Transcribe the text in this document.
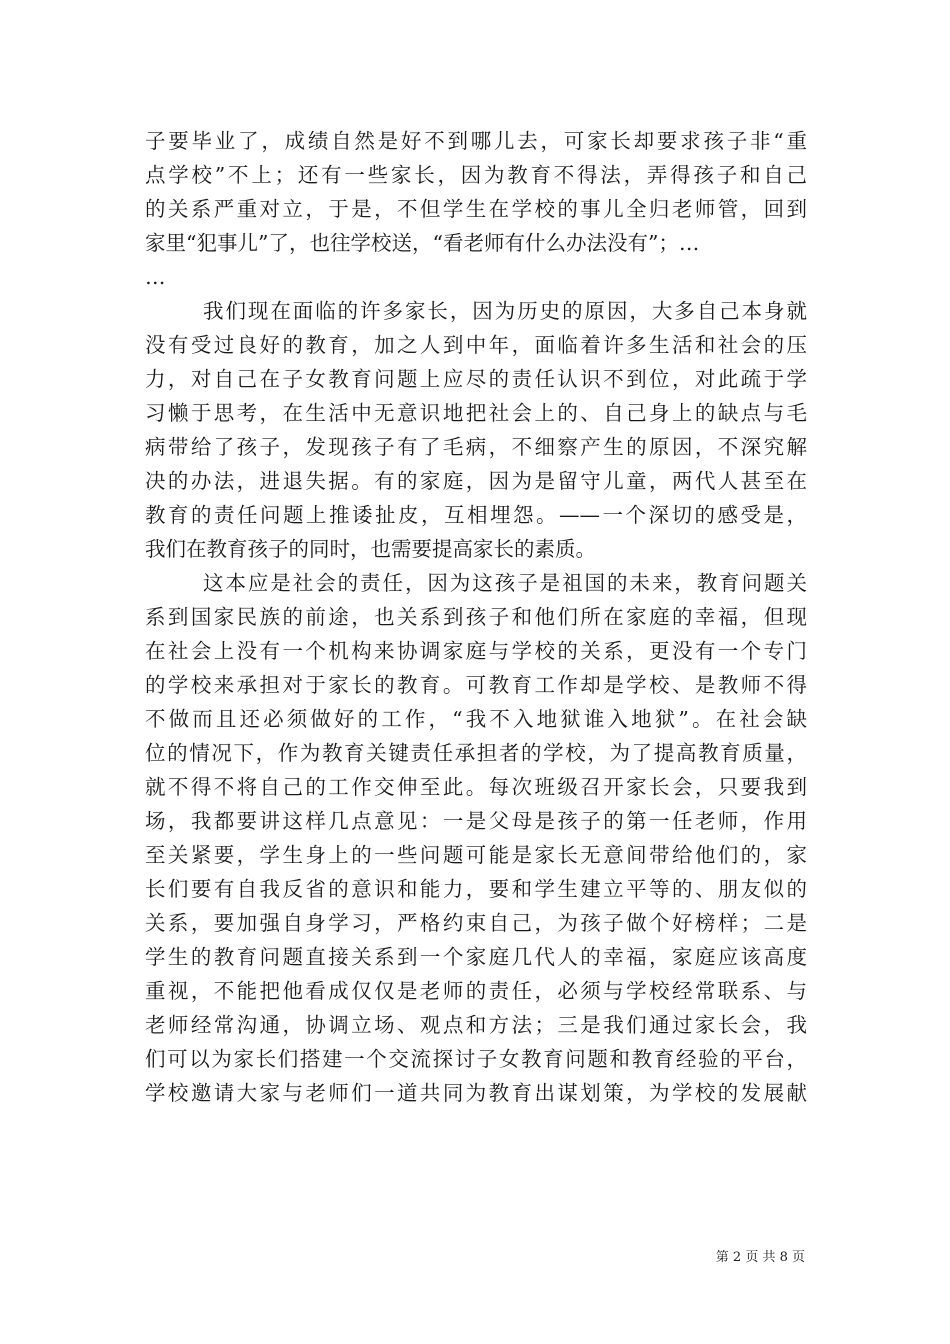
子要毕业了，成绩自然是好不到哪儿去，可家长却要求孩子非“重
点学校”不上；还有一些家长，因为教育不得法，弄得孩子和自己
的关系严重对立，于是，不但学生在学校的事儿全归老师管，回到
家里“犯事儿”了，也往学校送，“看老师有什么办法没有”；…
…
我们现在面临的许多家长，因为历史的原因，大多自己本身就
没有受过良好的教育，加之人到中年，面临着许多生活和社会的压
力，对自己在子女教育问题上应尽的责任认识不到位，对此疏于学
习懒于思考，在生活中无意识地把社会上的、自己身上的缺点与毛
病带给了孩子，发现孩子有了毛病，不细察产生的原因，不深究解
决的办法，进退失据。有的家庭，因为是留守儿童，两代人甚至在
教育的责任问题上推诿扯皮，互相埋怨。——一个深切的感受是，
我们在教育孩子的同时，也需要提高家长的素质。
这本应是社会的责任，因为这孩子是祖国的未来，教育问题关
系到国家民族的前途，也关系到孩子和他们所在家庭的幸福，但现
在社会上没有一个机构来协调家庭与学校的关系，更没有一个专门
的学校来承担对于家长的教育。可教育工作却是学校、是教师不得
不做而且还必须做好的工作，“我不入地狱谁入地狱”。在社会缺
位的情况下，作为教育关键责任承担者的学校，为了提高教育质量，
就不得不将自己的工作交伸至此。每次班级召开家长会，只要我到
场，我都要讲这样几点意见：一是父母是孩子的第一任老师，作用
至关紧要，学生身上的一些问题可能是家长无意间带给他们的，家
长们要有自我反省的意识和能力，要和学生建立平等的、朋友似的
关系，要加强自身学习，严格约束自己，为孩子做个好榜样；二是
学生的教育问题直接关系到一个家庭几代人的幸福，家庭应该高度
重视，不能把他看成仅仅是老师的责任，必须与学校经常联系、与
老师经常沟通，协调立场、观点和方法；三是我们通过家长会，我
们可以为家长们搭建一个交流探讨子女教育问题和教育经验的平台，
学校邀请大家与老师们一道共同为教育出谋划策，为学校的发展献
第 2 页 共 8 页
